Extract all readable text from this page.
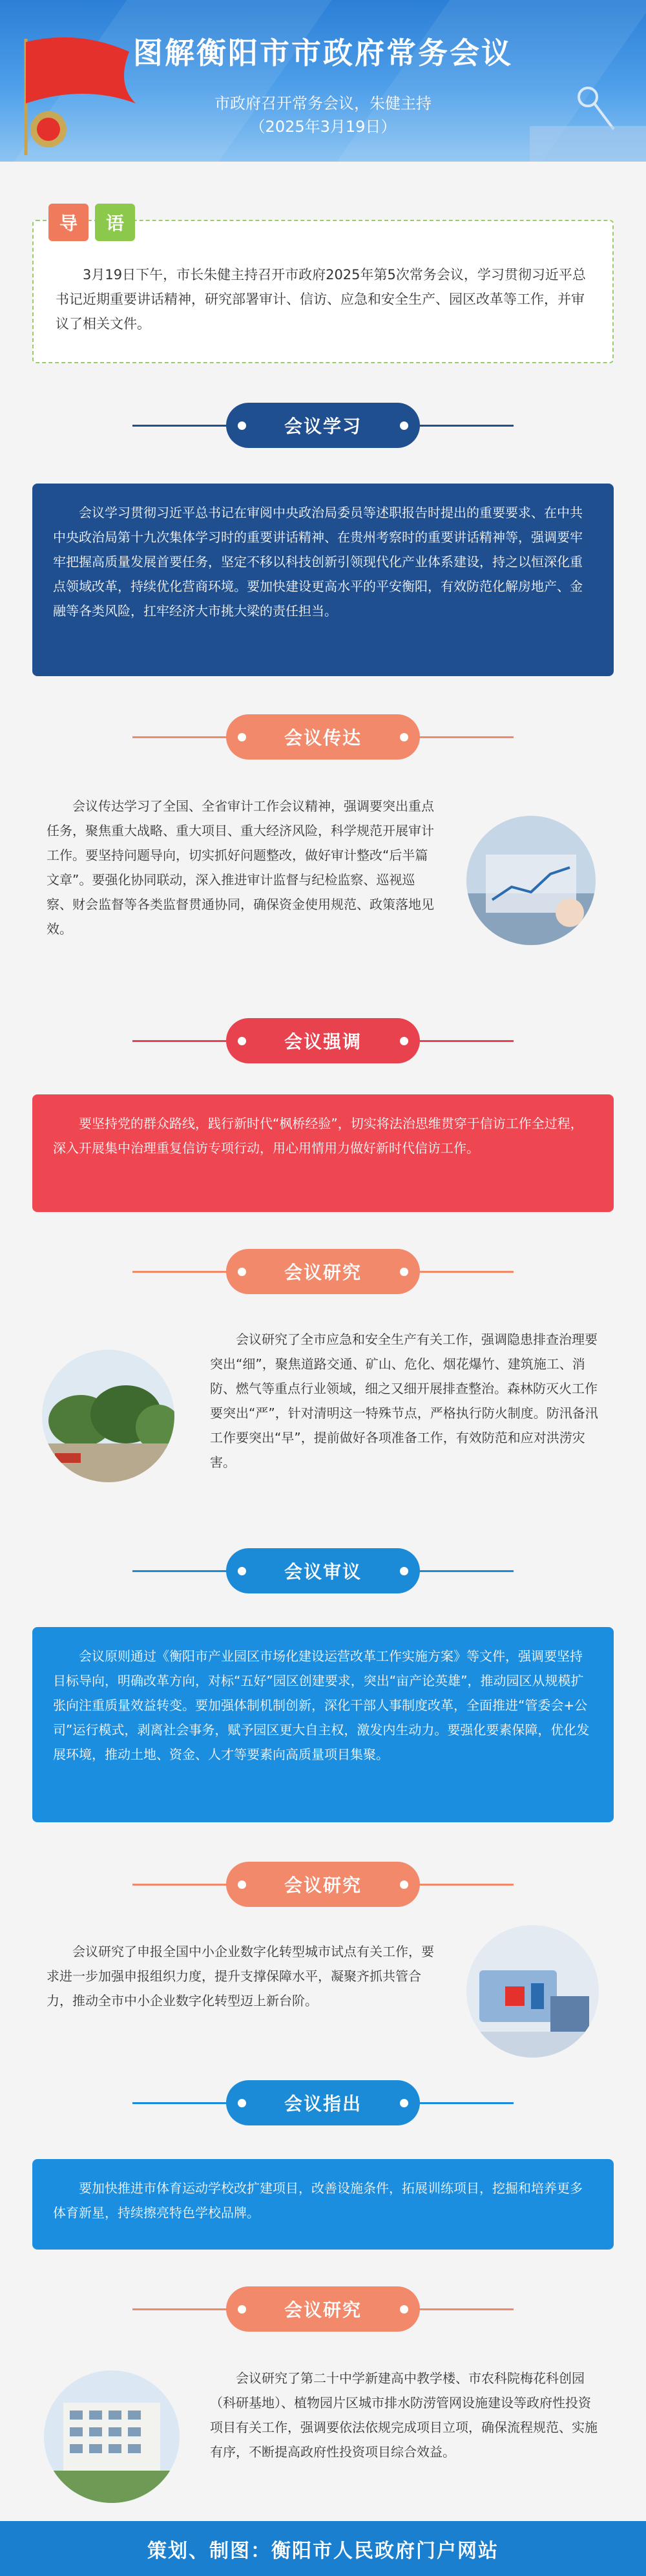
图解衡阳市市政府常务会议
市政府召开常务会议，朱健主持
（2025年3月19日）

3月19日下午，市长朱健主持召开市政府2025年第5次常务会议，学习贯彻习近平总书记近期重要讲话精神，研究部署审计、信访、应急和安全生产、园区改革等工作，并审议了相关文件。

导	语
会议学习

会议学习贯彻习近平总书记在审阅中央政治局委员等述职报告时提出的重要要求、在中共中央政治局第十九次集体学习时的重要讲话精神、在贵州考察时的重要讲话精神等，强调要牢牢把握高质量发展首要任务，坚定不移以科技创新引领现代化产业体系建设，持之以恒深化重点领域改革，持续优化营商环境。要加快建设更高水平的平安衡阳，有效防范化解房地产、金融等各类风险，扛牢经济大市挑大梁的责任担当。

会议传达

会议传达学习了全国、全省审计工作会议精神，强调要突出重点任务，聚焦重大战略、重大项目、重大经济风险，科学规范开展审计工作。要坚持问题导向，切实抓好问题整改，做好审计整改“后半篇文章”。要强化协同联动，深入推进审计监督与纪检监察、巡视巡察、财会监督等各类监督贯通协同，确保资金使用规范、政策落地见效。

会议强调

要坚持党的群众路线，践行新时代“枫桥经验”，切实将法治思维贯穿于信访工作全过程，深入开展集中治理重复信访专项行动，用心用情用力做好新时代信访工作。

会议研究

会议研究了全市应急和安全生产有关工作，强调隐患排查治理要突出“细”，聚焦道路交通、矿山、危化、烟花爆竹、建筑施工、消防、燃气等重点行业领域，细之又细开展排查整治。森林防灭火工作要突出“严”，针对清明这一特殊节点，严格执行防火制度。防汛备汛工作要突出“早”，提前做好各项准备工作，有效防范和应对洪涝灾害。

会议审议

会议原则通过《衡阳市产业园区市场化建设运营改革工作实施方案》等文件，强调要坚持目标导向，明确改革方向，对标“五好”园区创建要求，突出“亩产论英雄”，推动园区从规模扩张向注重质量效益转变。要加强体制机制创新，深化干部人事制度改革，全面推进“管委会+公司”运行模式，剥离社会事务，赋予园区更大自主权，激发内生动力。要强化要素保障，优化发展环境，推动土地、资金、人才等要素向高质量项目集聚。

会议研究

会议研究了申报全国中小企业数字化转型城市试点有关工作，要求进一步加强申报组织力度，提升支撑保障水平，凝聚齐抓共管合力，推动全市中小企业数字化转型迈上新台阶。

会议指出

要加快推进市体育运动学校改扩建项目，改善设施条件，拓展训练项目，挖掘和培养更多体育新星，持续擦亮特色学校品牌。

会议研究

会议研究了第二十中学新建高中教学楼、市农科院梅花科创园（科研基地）、植物园片区城市排水防涝管网设施建设等政府性投资项目有关工作，强调要依法依规完成项目立项，确保流程规范、实施有序，不断提高政府性投资项目综合效益。

策划、制图：衡阳市人民政府门户网站
